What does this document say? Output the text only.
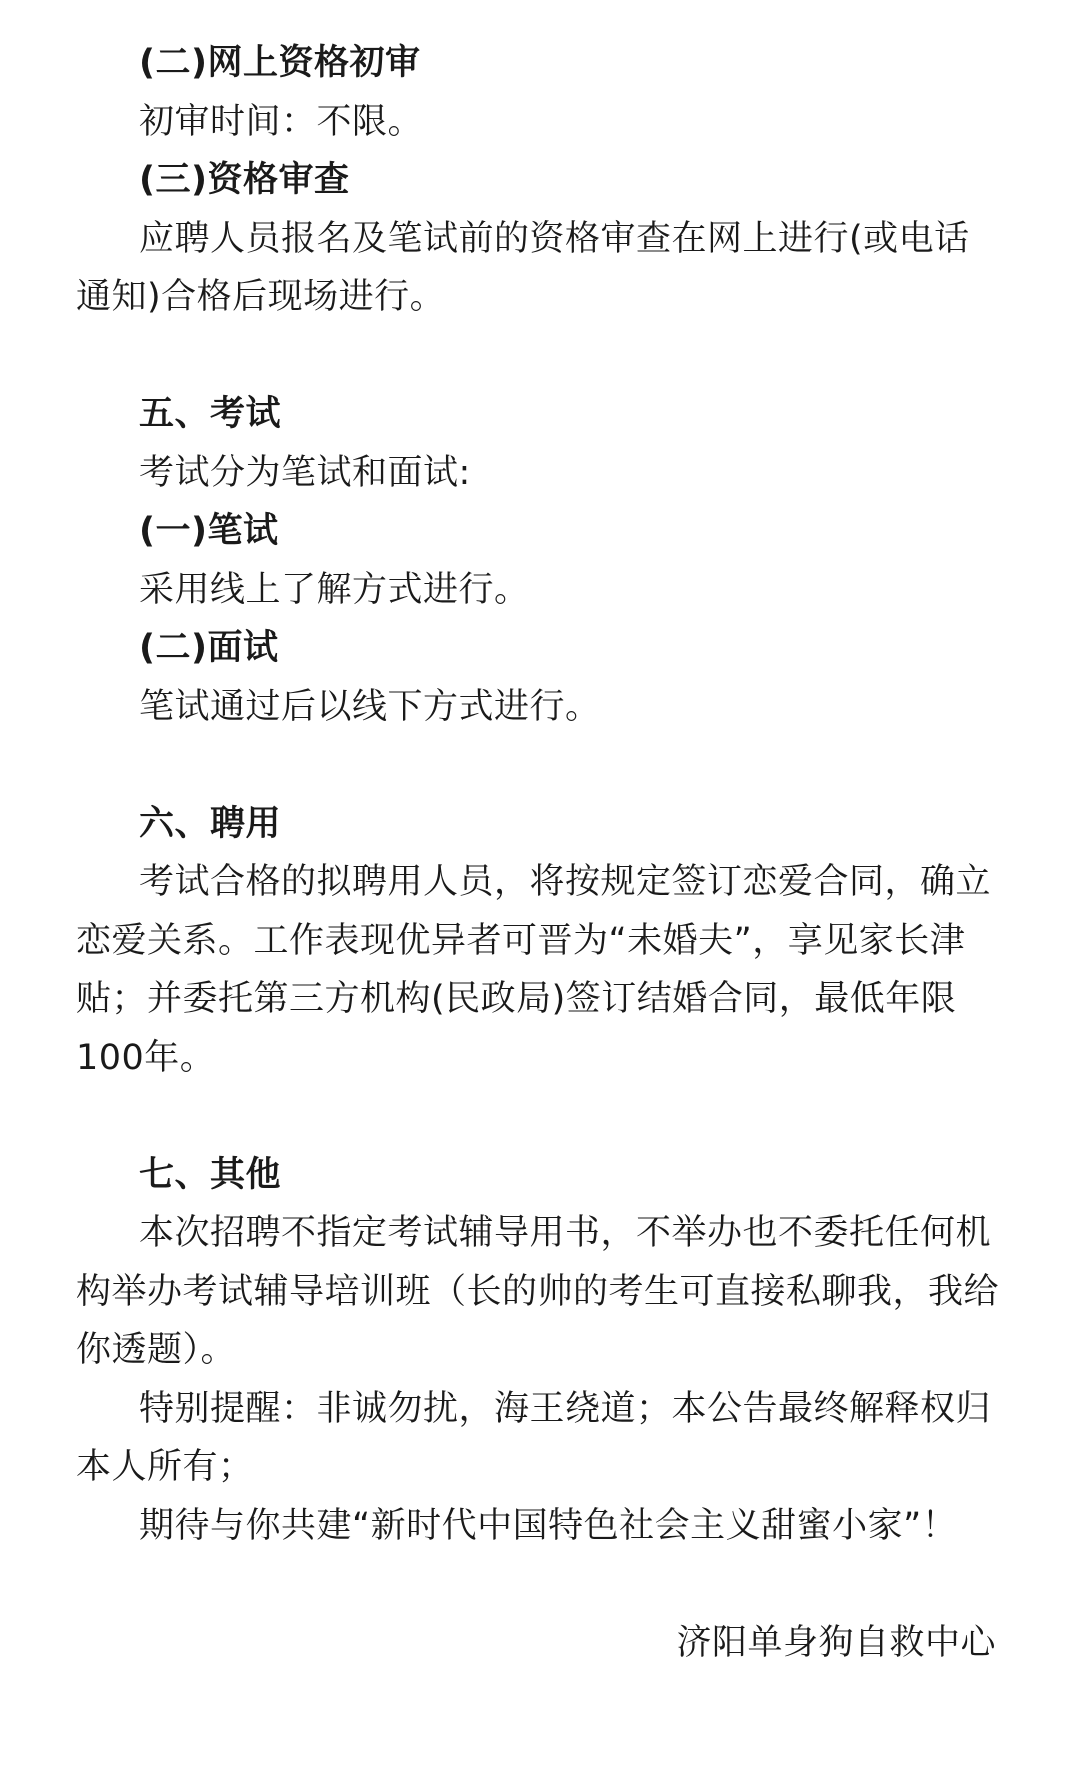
(二)网上资格初审
初审时间：不限。
(三)资格审查
应聘人员报名及笔试前的资格审查在网上进行(或电话
通知)合格后现场进行。
五、考试
考试分为笔试和面试:
(一)笔试
采用线上了解方式进行。
(二)面试
笔试通过后以线下方式进行。
六、聘用
考试合格的拟聘用人员，将按规定签订恋爱合同，确立
恋爱关系。工作表现优异者可晋为“未婚夫”，享见家长津
贴；并委托第三方机构(民政局)签订结婚合同，最低年限
100年。
七、其他
本次招聘不指定考试辅导用书，不举办也不委托任何机
构举办考试辅导培训班（长的帅的考生可直接私聊我，我给
你透题）。
特别提醒：非诚勿扰，海王绕道；本公告最终解释权归
本人所有；
期待与你共建“新时代中国特色社会主义甜蜜小家”！
济阳单身狗自救中心
